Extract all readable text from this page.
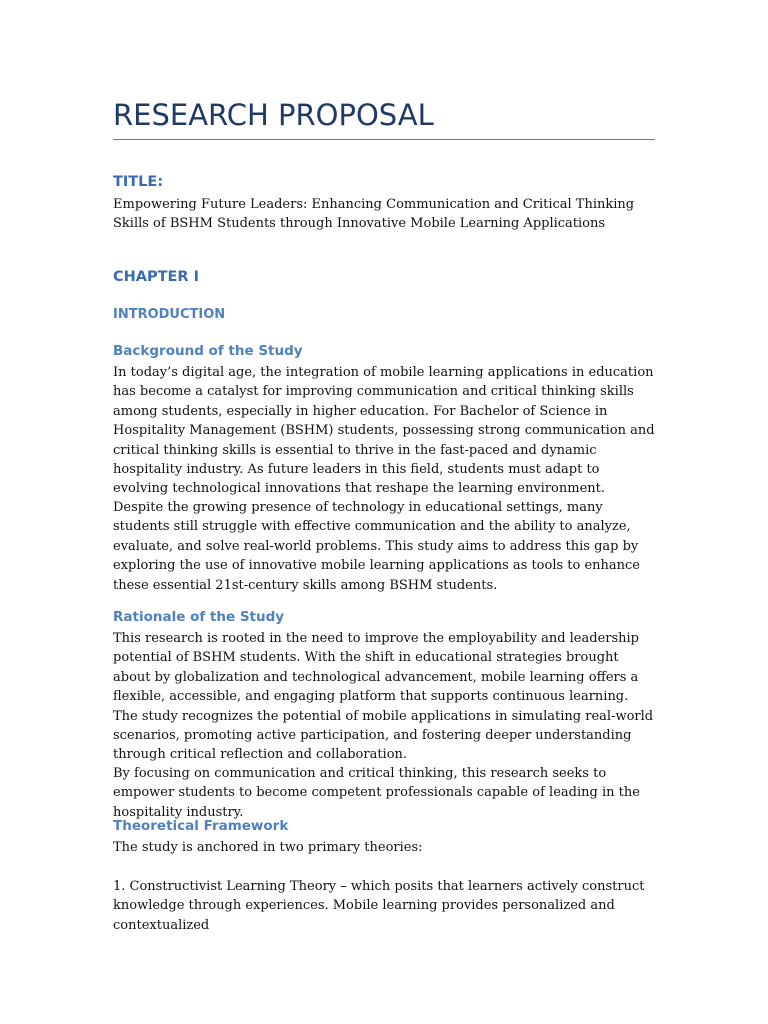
RESEARCH PROPOSAL
TITLE:

Empowering Future Leaders: Enhancing Communication and Critical Thinking Skills of BSHM Students through Innovative Mobile Learning Applications

CHAPTER I
INTRODUCTION
Background of the Study

In today’s digital age, the integration of mobile learning applications in education has become a catalyst for improving communication and critical thinking skills among students, especially in higher education. For Bachelor of Science in Hospitality Management (BSHM) students, possessing strong communication and critical thinking skills is essential to thrive in the fast-paced and dynamic hospitality industry. As future leaders in this field, students must adapt to evolving technological innovations that reshape the learning environment.

Despite the growing presence of technology in educational settings, many students still struggle with effective communication and the ability to analyze, evaluate, and solve real-world problems. This study aims to address this gap by exploring the use of innovative mobile learning applications as tools to enhance these essential 21st-century skills among BSHM students.

Rationale of the Study

This research is rooted in the need to improve the employability and leadership potential of BSHM students. With the shift in educational strategies brought about by globalization and technological advancement, mobile learning offers a flexible, accessible, and engaging platform that supports continuous learning. The study recognizes the potential of mobile applications in simulating real-world scenarios, promoting active participation, and fostering deeper understanding through critical reflection and collaboration.

By focusing on communication and critical thinking, this research seeks to empower students to become competent professionals capable of leading in the hospitality industry.

Theoretical Framework

The study is anchored in two primary theories:

1. Constructivist Learning Theory – which posits that learners actively construct knowledge through experiences. Mobile learning provides personalized and contextualized
